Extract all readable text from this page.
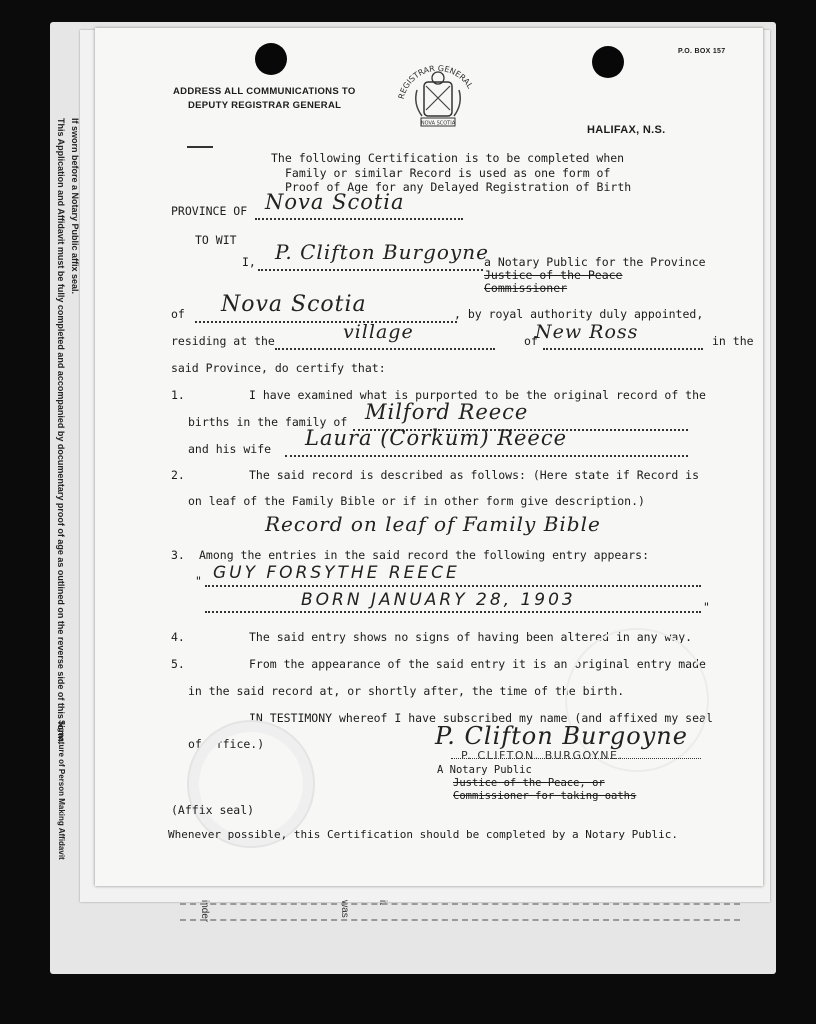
This Application and Affidavit must be fully completed and accompanied by documentary proof of age as outlined on the reverse side of this form. If sworn before a Notary Public affix seal.
Signature of Person Making Affidavit
inder	was	it
ADDRESS ALL COMMUNICATIONS TO
DEPUTY REGISTRAR GENERAL
P.O. BOX 157
HALIFAX, N.S.
REGISTRAR GENERAL
NOVA SCOTIA
The following Certification is to be completed when
Family or similar Record is used as one form of
Proof of Age for any Delayed Registration of Birth
PROVINCE OF Nova Scotia
TO WIT
I, P. Clifton Burgoyne
a Notary Public for the Province
Justice of the Peace
Commissioner
of Nova Scotia	, by royal authority duly appointed,
residing at the	village	of
New Ross	in the
said Province, do certify that:
1.	I have examined what is purported to be the original record of the
births in the family of Milford Reece
and his wife Laura (Corkum) Reece
2.	The said record is described as follows: (Here state if Record is
on leaf of the Family Bible or if in other form give description.)
Record on leaf of Family Bible
3. Among the entries in the said record the following entry appears:
" GUY FORSYTHE REECE
BORN JANUARY 28, 1903	"
4.	The said entry shows no signs of having been altered in any way.
5.	From the appearance of the said entry it is an original entry made
in the said record at, or shortly after, the time of the birth.
IN TESTIMONY whereof I have subscribed my name (and affixed my seal
of office.)	P. Clifton Burgoyne
P. CLIFTON. BURGOYNE.
A Notary Public
Justice of the Peace, or
Commissioner for taking oaths
(Affix seal)
Whenever possible, this Certification should be completed by a Notary Public.
